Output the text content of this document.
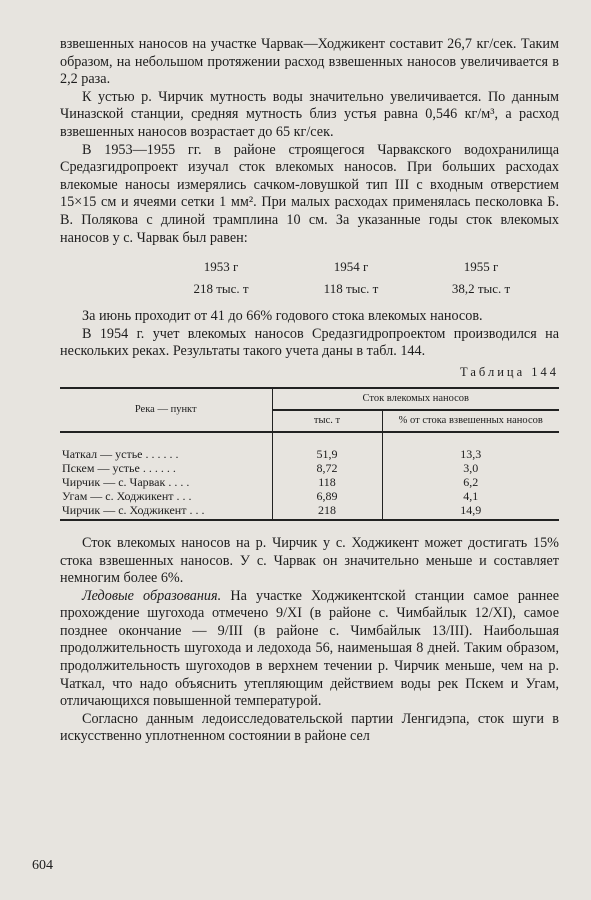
взвешенных наносов на участке Чарвак—Ходжикент составит 26,7 кг/сек. Таким образом, на небольшом протяжении расход взвешенных наносов увеличивается в 2,2 раза.

К устью р. Чирчик мутность воды значительно увеличивается. По данным Чиназской станции, средняя мутность близ устья равна 0,546 кг/м³, а расход взвешенных наносов возрастает до 65 кг/сек.

В 1953—1955 гг. в районе строящегося Чарвакского водохранилища Средазгидропроект изучал сток влекомых наносов. При больших расходах влекомые наносы измерялись сачком-ловушкой тип III с входным отверстием 15×15 см и ячеями сетки 1 мм². При малых расходах применялась песколовка Б. В. Полякова с длиной трамплина 10 см. За указанные годы сток влекомых наносов у с. Чарвак был равен:

1953 г	1954 г	1955 г
218 тыс. т	118 тыс. т	38,2 тыс. т

За июнь проходит от 41 до 66% годового стока влекомых наносов.

В 1954 г. учет влекомых наносов Средазгидропроектом производился на нескольких реках. Результаты такого учета даны в табл. 144.

Таблица 144
Река — пункт	Сток влекомых наносов	
	тыс. т	% от стока взвешенных наносов
Чаткал — устье . . . . . .	51,9	13,3
Пскем — устье . . . . . .	8,72	3,0
Чирчик — с. Чарвак . . . .	118	6,2
Угам — с. Ходжикент . . .	6,89	4,1
Чирчик — с. Ходжикент . . .	218	14,9

Сток влекомых наносов на р. Чирчик у с. Ходжикент может достигать 15% стока взвешенных наносов. У с. Чарвак он значительно меньше и составляет немногим более 6%.

Ледовые образования. На участке Ходжикентской станции самое раннее прохождение шугохода отмечено 9/XI (в районе с. Чимбайлык 12/XI), самое позднее окончание — 9/III (в районе с. Чимбайлык 13/III). Наибольшая продолжительность шугохода и ледохода 56, наименьшая 8 дней. Таким образом, продолжительность шугоходов в верхнем течении р. Чирчик меньше, чем на р. Чаткал, что надо объяснить утепляющим действием воды рек Пскем и Угам, отличающихся повышенной температурой.

Согласно данным ледоисследовательской партии Ленгидэпа, сток шуги в искусственно уплотненном состоянии в районе сел

604
